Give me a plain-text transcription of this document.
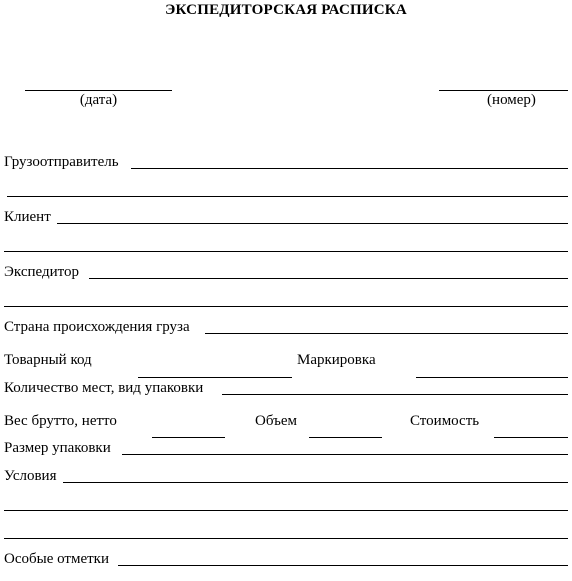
ЭКСПЕДИТОРСКАЯ РАСПИСКА
(дата)	(номер)
Грузоотправитель
Клиент
Экспедитор
Страна происхождения груза
Товарный код	Маркировка
Количество мест, вид упаковки
Вес брутто, нетто	Объем	Стоимость
Размер упаковки
Условия
Особые отметки
